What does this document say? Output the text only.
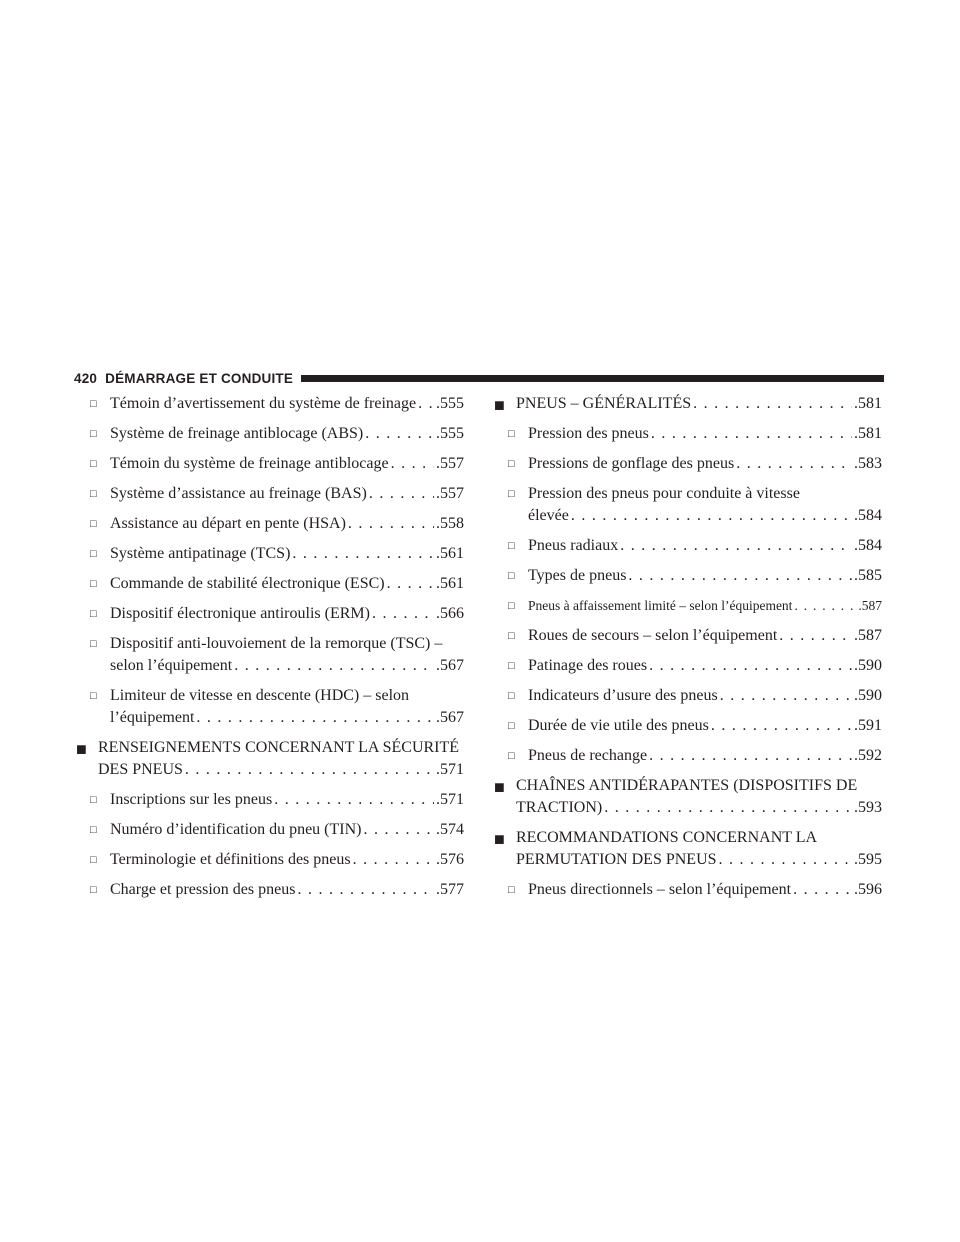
420 DÉMARRAGE ET CONDUITE
□ Témoin d’avertissement du système de freinage . . . .555
□ Système de freinage antiblocage (ABS) . . .	.555
□ Témoin du système de freinage antiblocage . . .	.557
□ Système d’assistance au freinage (BAS) . . .	.557
□ Assistance au départ en pente (HSA) . . .	.558
□ Système antipatinage (TCS) . . .	.561
□ Commande de stabilité électronique (ESC) . . .	.561
□ Dispositif électronique antiroulis (ERM) . . .	.566
□ Dispositif anti-louvoiement de la remorque (TSC) –
selon l’équipement . . .	.567
□ Limiteur de vitesse en descente (HDC) – selon
l’équipement . . .	.567
■ RENSEIGNEMENTS CONCERNANT LA SÉCURITÉ
DES PNEUS . . .	.571
□ Inscriptions sur les pneus . . .	.571
□ Numéro d’identification du pneu (TIN) . . .	.574
□ Terminologie et définitions des pneus . . .	.576
□ Charge et pression des pneus . . .	.577
■ PNEUS – GÉNÉRALITÉS . . .	.581
□ Pression des pneus . . .	.581
□ Pressions de gonflage des pneus . . .	.583
□ Pression des pneus pour conduite à vitesse
élevée . . .	.584
□ Pneus radiaux . . .	.584
□ Types de pneus . . .	.585
□ Pneus à affaissement limité – selon l’équipement . . .	.587
□ Roues de secours – selon l’équipement . . .	.587
□ Patinage des roues . . .	.590
□ Indicateurs d’usure des pneus . . .	.590
□ Durée de vie utile des pneus . . .	.591
□ Pneus de rechange . . .	.592
■ CHAÎNES ANTIDÉRAPANTES (DISPOSITIFS DE
TRACTION) . . .	.593
■ RECOMMANDATIONS CONCERNANT LA
PERMUTATION DES PNEUS . . .	.595
□ Pneus directionnels – selon l’équipement . . .	.596
